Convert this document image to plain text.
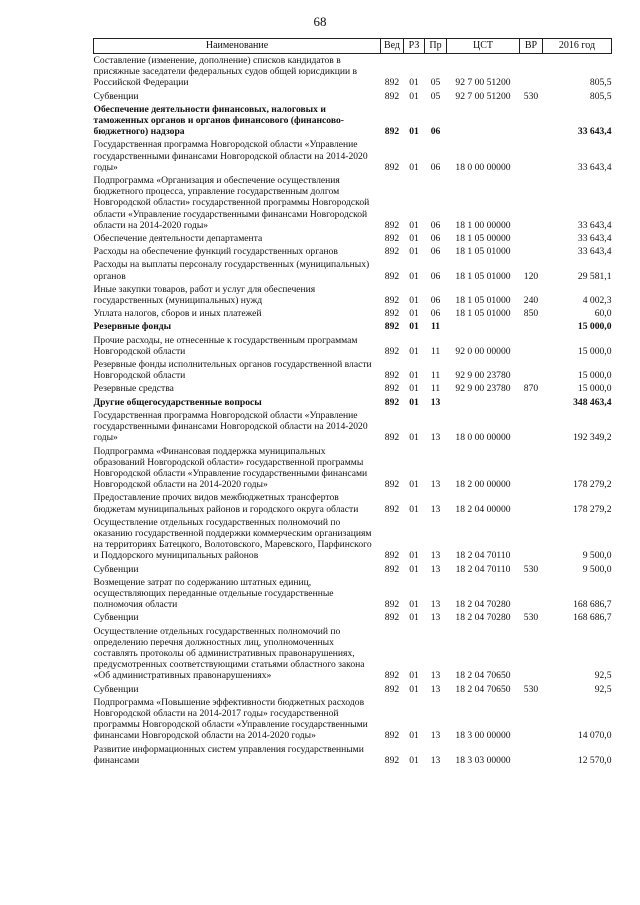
68
Наименование	Вед	РЗ	Пр	ЦСТ	ВР	2016 год
Составление (изменение, дополнение) списков кандидатов в присяжные заседатели федеральных судов общей юрисдикции в Российской Федерации	892	01	05	92 7 00 51200		805,5
Субвенции	892	01	05	92 7 00 51200	530	805,5
Обеспечение деятельности финансовых, налоговых и таможенных органов и органов финансового (финансово-бюджетного) надзора	892	01	06			33 643,4
Государственная программа Новгородской области «Управление государственными финансами Новгородской области на 2014-2020 годы»	892	01	06	18 0 00 00000		33 643,4
Подпрограмма «Организация и обеспечение осуществления бюджетного процесса, управление государственным долгом Новгородской области» государственной программы Новгородской области «Управление государственными финансами Новгородской области на 2014-2020 годы»	892	01	06	18 1 00 00000		33 643,4
Обеспечение деятельности департамента	892	01	06	18 1 05 00000		33 643,4
Расходы на обеспечение функций государственных органов	892	01	06	18 1 05 01000		33 643,4
Расходы на выплаты персоналу государственных (муниципальных) органов	892	01	06	18 1 05 01000	120	29 581,1
Иные закупки товаров, работ и услуг для обеспечения государственных (муниципальных) нужд	892	01	06	18 1 05 01000	240	4 002,3
Уплата налогов, сборов и иных платежей	892	01	06	18 1 05 01000	850	60,0
Резервные фонды	892	01	11			15 000,0
Прочие расходы, не отнесенные к государственным программам Новгородской области	892	01	11	92 0 00 00000		15 000,0
Резервные фонды исполнительных органов государственной власти Новгородской области	892	01	11	92 9 00 23780		15 000,0
Резервные средства	892	01	11	92 9 00 23780	870	15 000,0
Другие общегосударственные вопросы	892	01	13			348 463,4
Государственная программа Новгородской области «Управление государственными финансами Новгородской области на 2014-2020 годы»	892	01	13	18 0 00 00000		192 349,2
Подпрограмма «Финансовая поддержка муниципальных образований Новгородской области» государственной программы Новгородской области «Управление государственными финансами Новгородской области на 2014-2020 годы»	892	01	13	18 2 00 00000		178 279,2
Предоставление прочих видов межбюджетных трансфертов бюджетам муниципальных районов и городского округа области	892	01	13	18 2 04 00000		178 279,2
Осуществление отдельных государственных полномочий по оказанию государственной поддержки коммерческим организациям на территориях Батецкого, Волотовского, Маревского, Парфинского и Поддорского муниципальных районов	892	01	13	18 2 04 70110		9 500,0
Субвенции	892	01	13	18 2 04 70110	530	9 500,0
Возмещение затрат по содержанию штатных единиц, осуществляющих переданные отдельные государственные полномочия области	892	01	13	18 2 04 70280		168 686,7
Субвенции	892	01	13	18 2 04 70280	530	168 686,7
Осуществление отдельных государственных полномочий по определению перечня должностных лиц, уполномоченных составлять протоколы об административных правонарушениях, предусмотренных соответствующими статьями областного закона «Об административных правонарушениях»	892	01	13	18 2 04 70650		92,5
Субвенции	892	01	13	18 2 04 70650	530	92,5
Подпрограмма «Повышение эффективности бюджетных расходов Новгородской области на 2014-2017 годы» государственной программы Новгородской области «Управление государственными финансами Новгородской области на 2014-2020 годы»	892	01	13	18 3 00 00000		14 070,0
Развитие информационных систем управления государственными финансами	892	01	13	18 3 03 00000		12 570,0
